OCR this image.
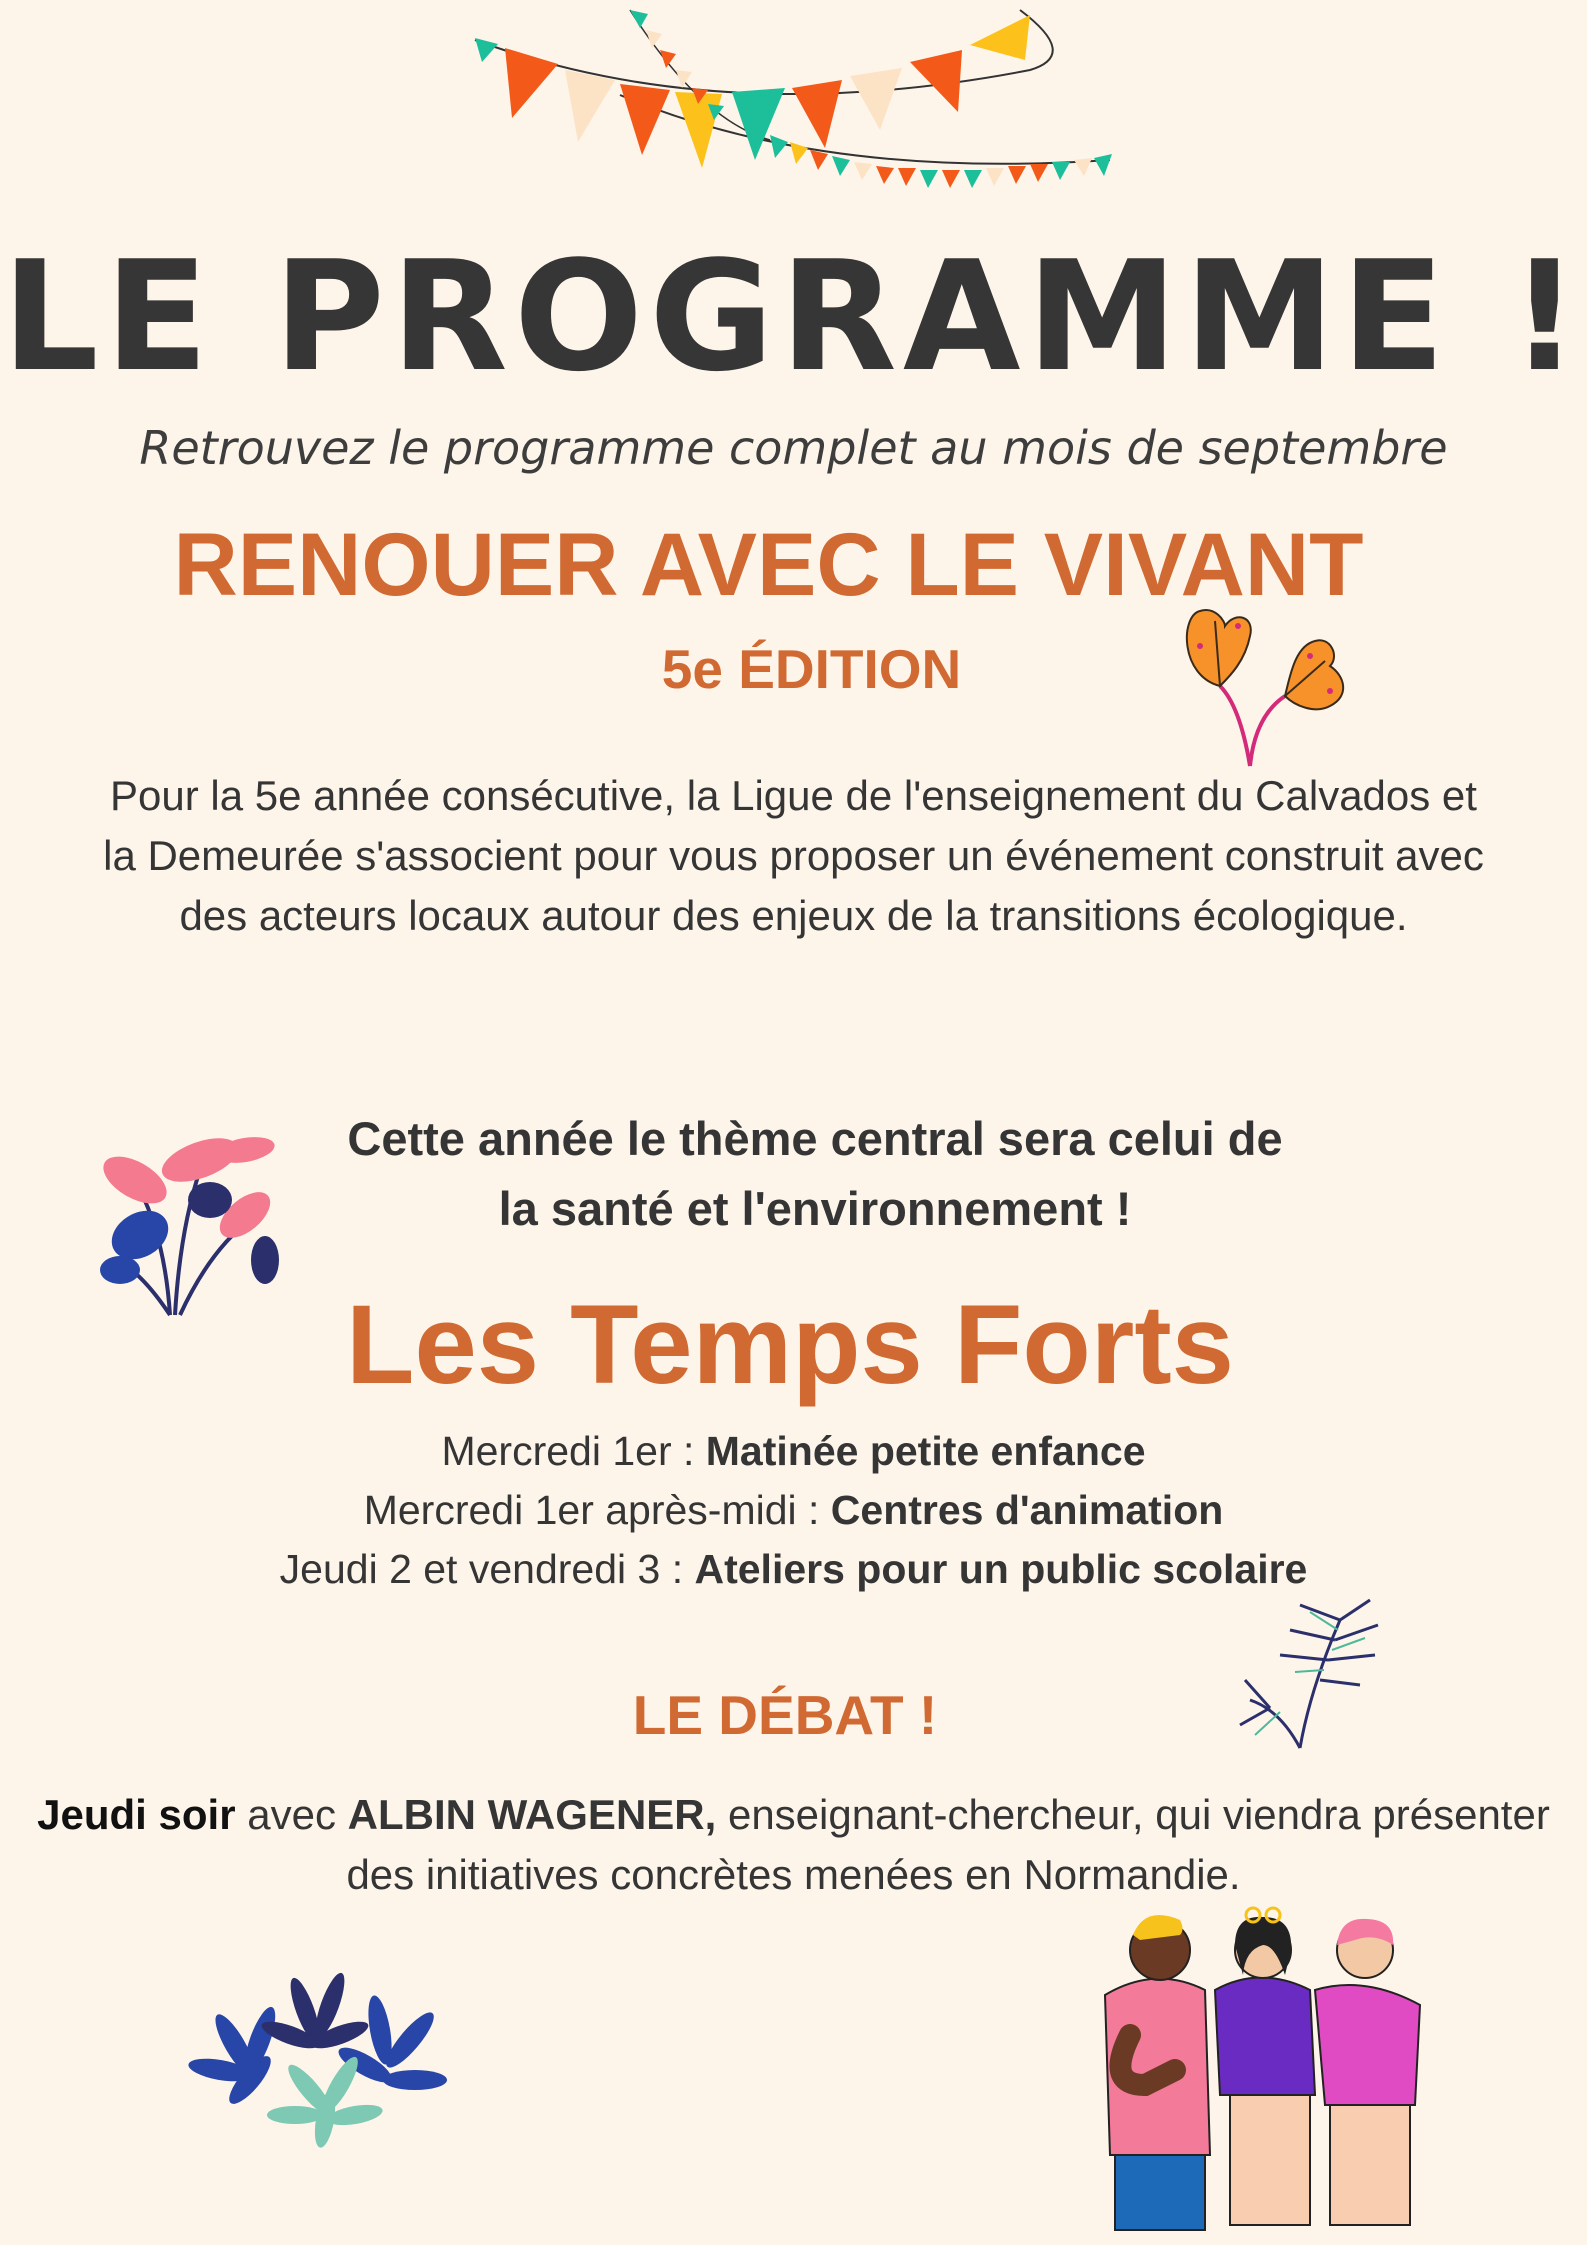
LE PROGRAMME !
Retrouvez le programme complet au mois de septembre
RENOUER AVEC LE VIVANT
5e ÉDITION
Pour la 5e année consécutive, la Ligue de l'enseignement du Calvados et la Demeurée s'associent pour vous proposer un événement construit avec des acteurs locaux autour des enjeux de la transitions écologique.
Cette année le thème central sera celui de
la santé et l'environnement !
Les Temps Forts
Mercredi 1er : Matinée petite enfance
Mercredi 1er après-midi : Centres d'animation
Jeudi 2 et vendredi 3 : Ateliers pour un public scolaire
LE DÉBAT !
Jeudi soir avec ALBIN WAGENER, enseignant-chercheur, qui viendra présenter
des initiatives concrètes menées en Normandie.
